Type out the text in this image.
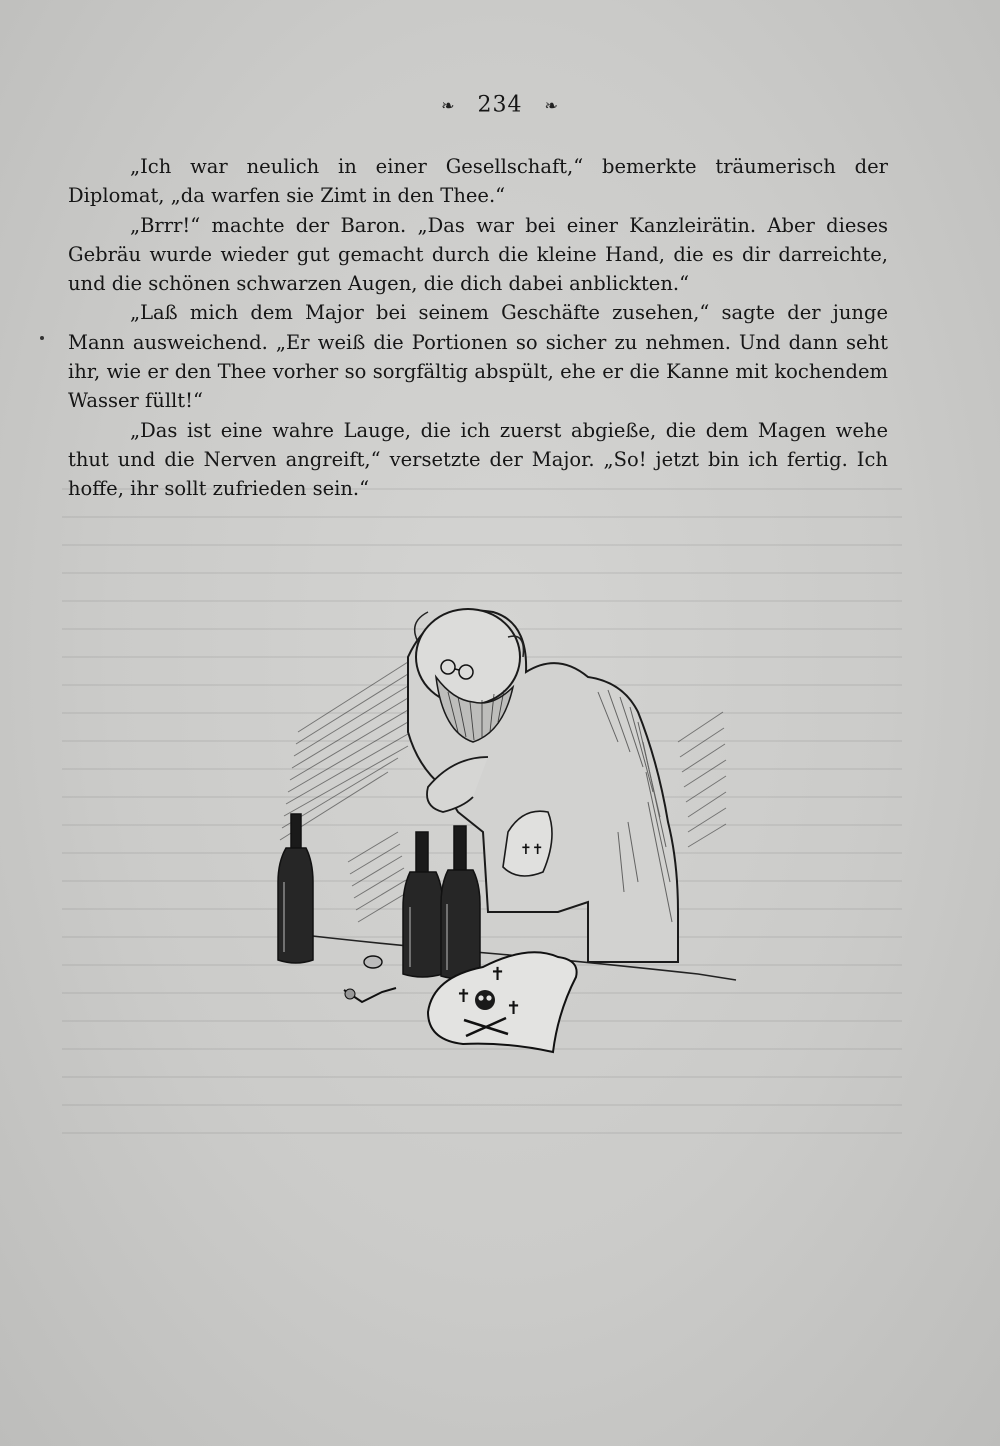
❧ 234 ❧

„Ich war neulich in einer Gesellschaft,“ bemerkte träumerisch der Diplomat, „da warfen sie Zimt in den Thee.“

„Brrr!“ machte der Baron. „Das war bei einer Kanzleirätin. Aber dieses Gebräu wurde wieder gut gemacht durch die kleine Hand, die es dir darreichte, und die schönen schwarzen Augen, die dich dabei anblickten.“

„Laß mich dem Major bei seinem Geschäfte zusehen,“ sagte der junge Mann ausweichend. „Er weiß die Portionen so sicher zu nehmen. Und dann seht ihr, wie er den Thee vorher so sorgfältig abspült, ehe er die Kanne mit kochendem Wasser füllt!“

„Das ist eine wahre Lauge, die ich zuerst abgieße, die dem Magen wehe thut und die Nerven angreift,“ versetzte der Major. „So! jetzt bin ich fertig. Ich hoffe, ihr sollt zufrieden sein.“

✝✝
✝
✝
✝
